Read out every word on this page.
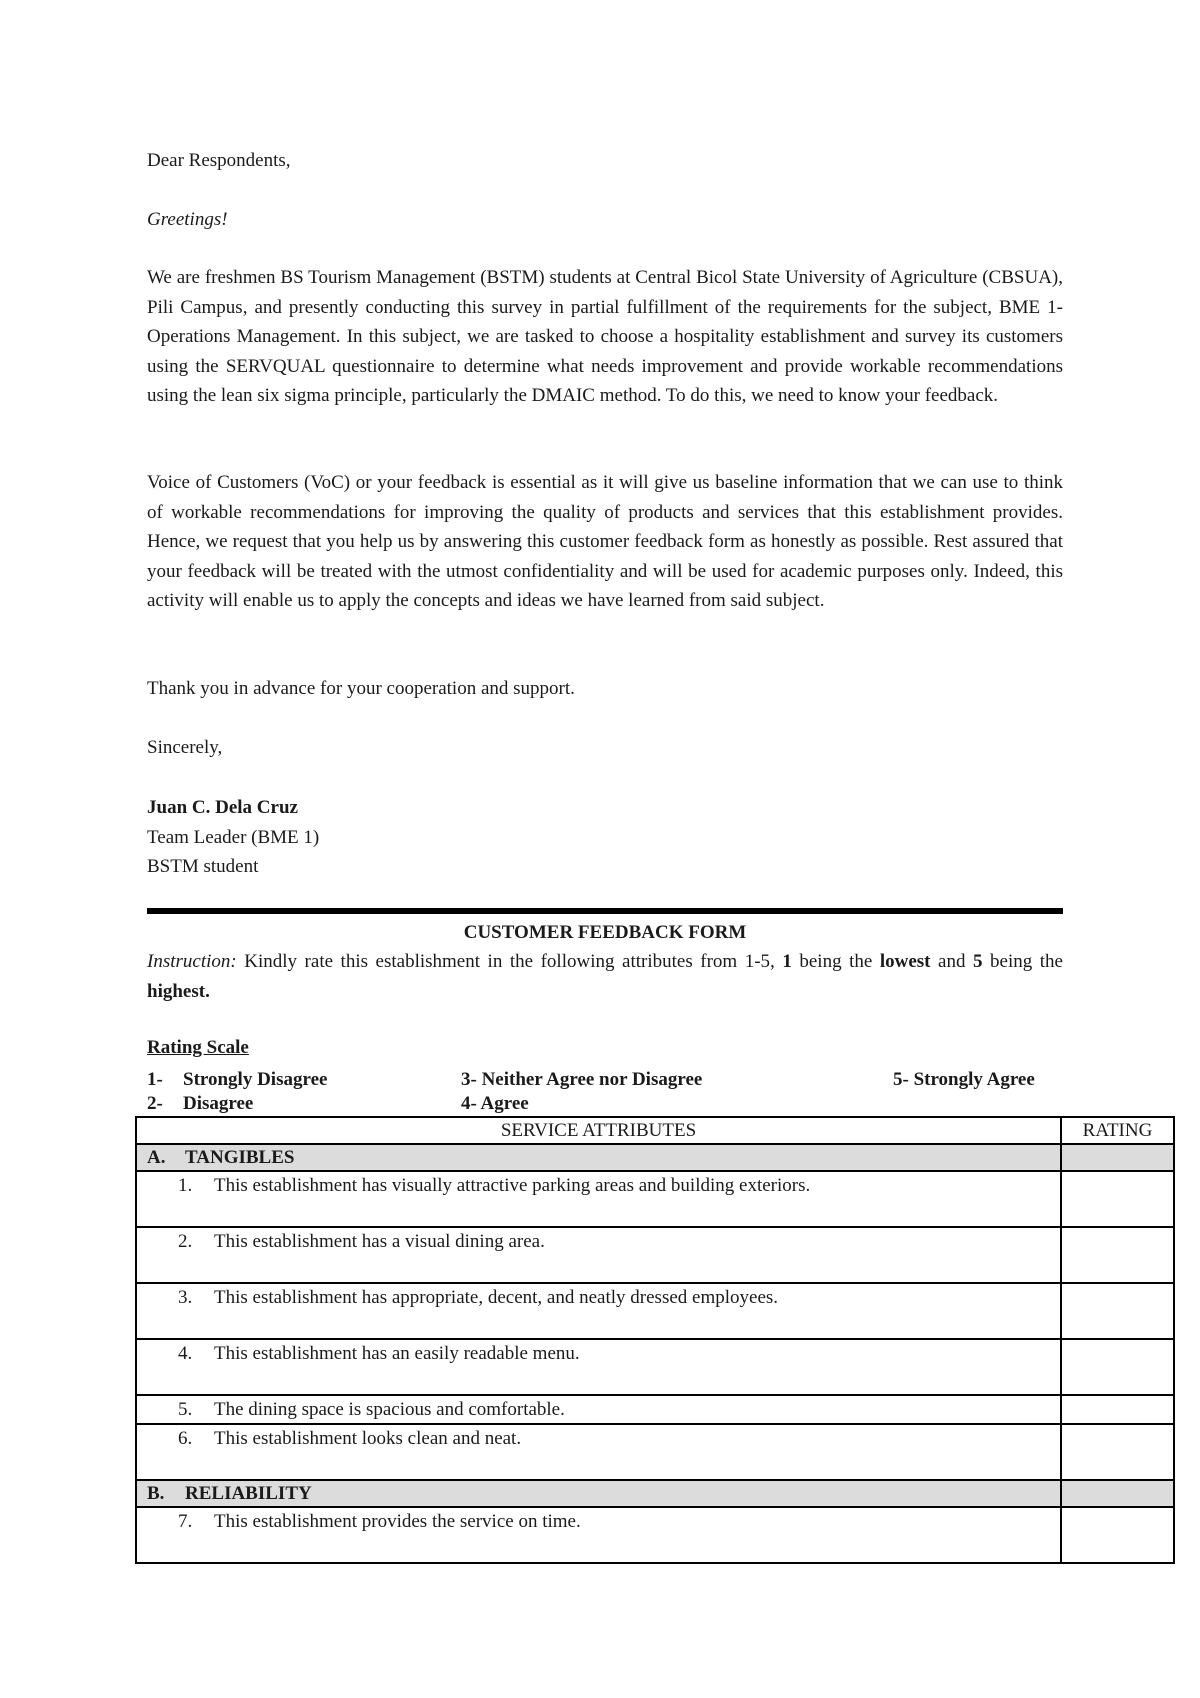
Dear Respondents,

Greetings!

We are freshmen BS Tourism Management (BSTM) students at Central Bicol State University of Agriculture (CBSUA), Pili Campus, and presently conducting this survey in partial fulfillment of the requirements for the subject, BME 1- Operations Management. In this subject, we are tasked to choose a hospitality establishment and survey its customers using the SERVQUAL questionnaire to determine what needs improvement and provide workable recommendations using the lean six sigma principle, particularly the DMAIC method. To do this, we need to know your feedback.

Voice of Customers (VoC) or your feedback is essential as it will give us baseline information that we can use to think of workable recommendations for improving the quality of products and services that this establishment provides. Hence, we request that you help us by answering this customer feedback form as honestly as possible. Rest assured that your feedback will be treated with the utmost confidentiality and will be used for academic purposes only. Indeed, this activity will enable us to apply the concepts and ideas we have learned from said subject.

Thank you in advance for your cooperation and support.

Sincerely,

Juan C. Dela Cruz
Team Leader (BME 1)
BSTM student
CUSTOMER FEEDBACK FORM

Instruction: Kindly rate this establishment in the following attributes from 1-5, 1 being the lowest and 5 being the highest.

Rating Scale
1- Strongly Disagree
2- Disagree
3- Neither Agree nor Disagree
4- Agree
5- Strongly Agree
SERVICE ATTRIBUTES	RATING
A. TANGIBLES	

1. This establishment has visually attractive parking areas and building exteriors.	

2. This establishment has a visual dining area.	

3. This establishment has appropriate, decent, and neatly dressed employees.	

4. This establishment has an easily readable menu.	

5. The dining space is spacious and comfortable.	

6. This establishment looks clean and neat.	

B. RELIABILITY	

7. This establishment provides the service on time.	
